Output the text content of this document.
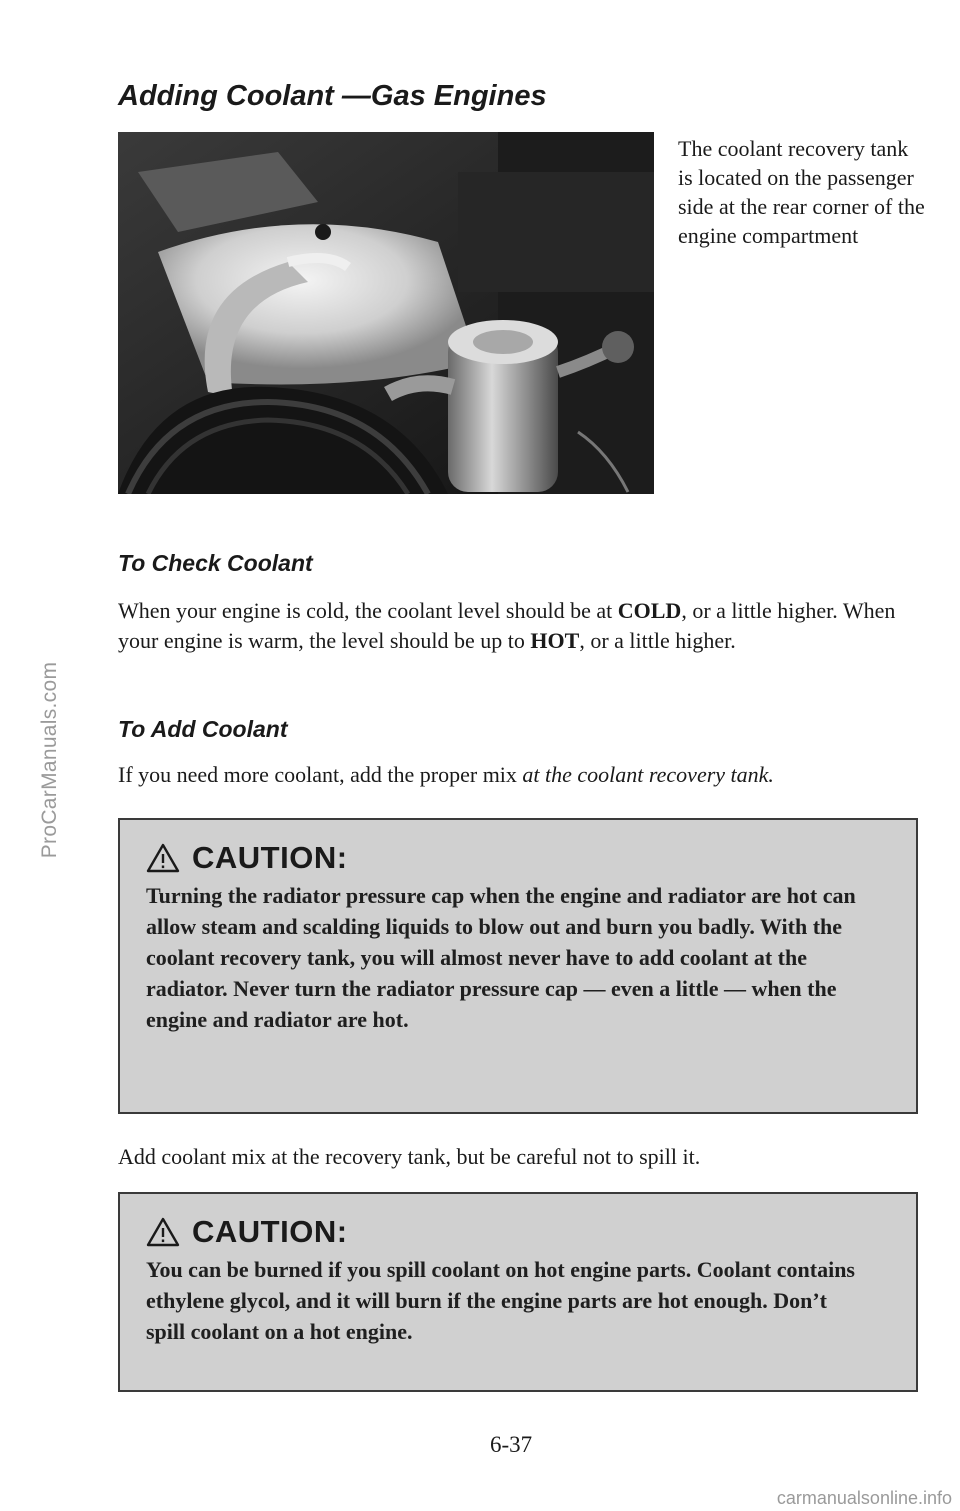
ProCarManuals.com
carmanualsonline.info
Adding Coolant —Gas Engines

The coolant recovery tank is located on the passenger side at the rear corner of the engine compartment

To Check Coolant

When your engine is cold, the coolant level should be at COLD, or a little higher. When your engine is warm, the level should be up to HOT, or a little higher.

To Add Coolant

If you need more coolant, add the proper mix at the coolant recovery tank.

CAUTION:

Turning the radiator pressure cap when the engine and radiator are hot can allow steam and scalding liquids to blow out and burn you badly. With the coolant recovery tank, you will almost never have to add coolant at the radiator. Never turn the radiator pressure cap — even a little — when the engine and radiator are hot.

Add coolant mix at the recovery tank, but be careful not to spill it.

CAUTION:

You can be burned if you spill coolant on hot engine parts. Coolant contains ethylene glycol, and it will burn if the engine parts are hot enough. Don’t spill coolant on a hot engine.

6-37
